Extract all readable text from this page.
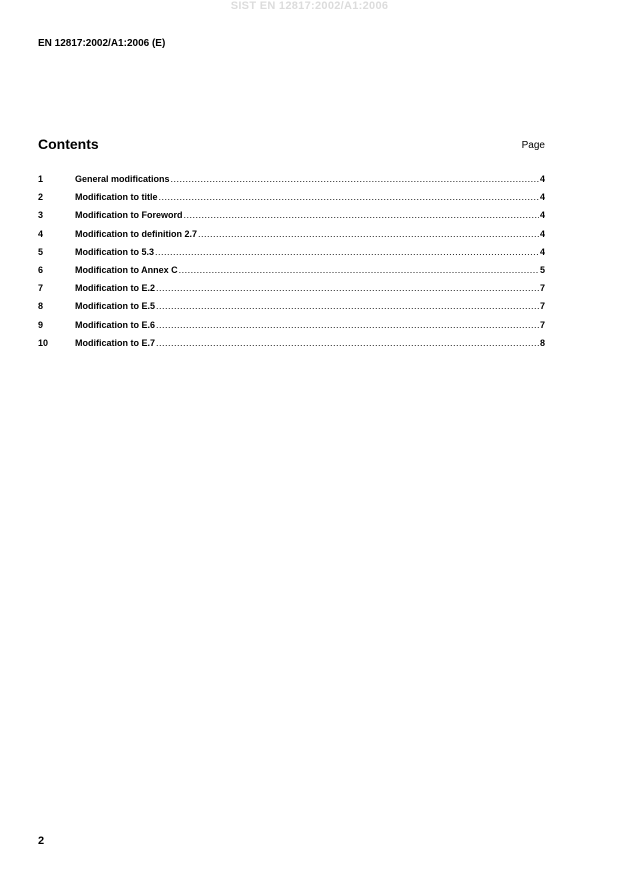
SIST EN 12817:2002/A1:2006
EN 12817:2002/A1:2006 (E)
Contents	Page
1	General modifications .....	4
2	Modification to title .....	4
3	Modification to Foreword .....	4
4	Modification to definition 2.7 .....	4
5	Modification to 5.3 .....	4
6	Modification to Annex C .....	5
7	Modification to E.2 .....	7
8	Modification to E.5 .....	7
9	Modification to E.6 .....	7
10	Modification to E.7 .....	8
2
